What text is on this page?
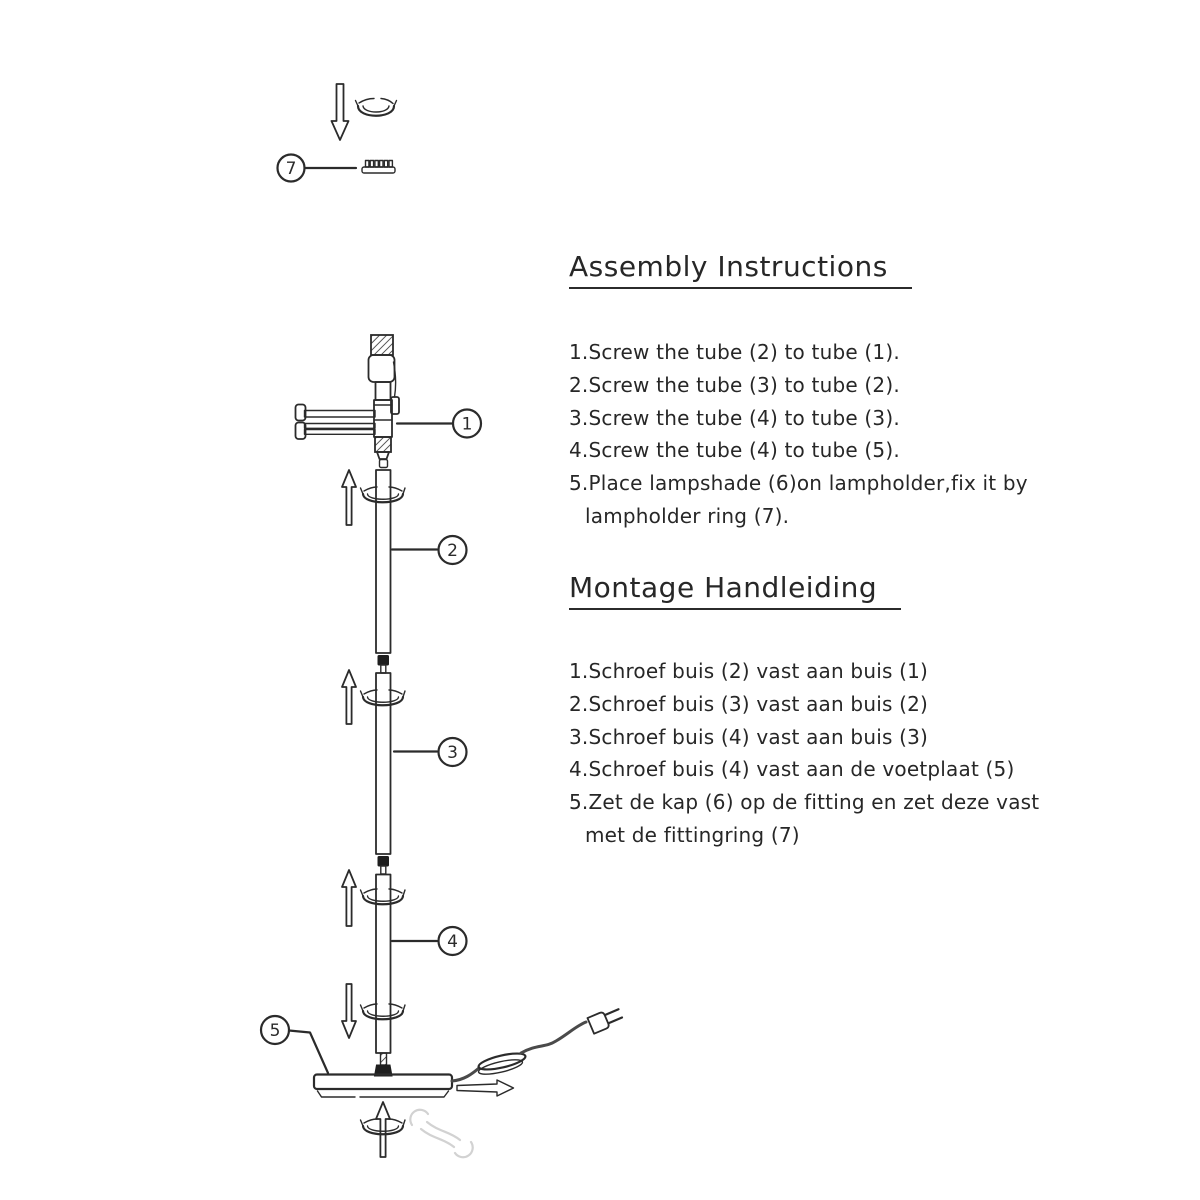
7
1
2
3
4
5
Assembly Instructions
1.Screw the tube (2) to tube (1).
2.Screw the tube (3) to tube (2).
3.Screw the tube (4) to tube (3).
4.Screw the tube (4) to tube (5).
5.Place lampshade (6)on lampholder,fix it by
lampholder ring (7).
Montage Handleiding
1.Schroef buis (2) vast aan buis (1)
2.Schroef buis (3) vast aan buis (2)
3.Schroef buis (4) vast aan buis (3)
4.Schroef buis (4) vast aan de voetplaat (5)
5.Zet de kap (6) op de fitting en zet deze vast
met de fittingring (7)
